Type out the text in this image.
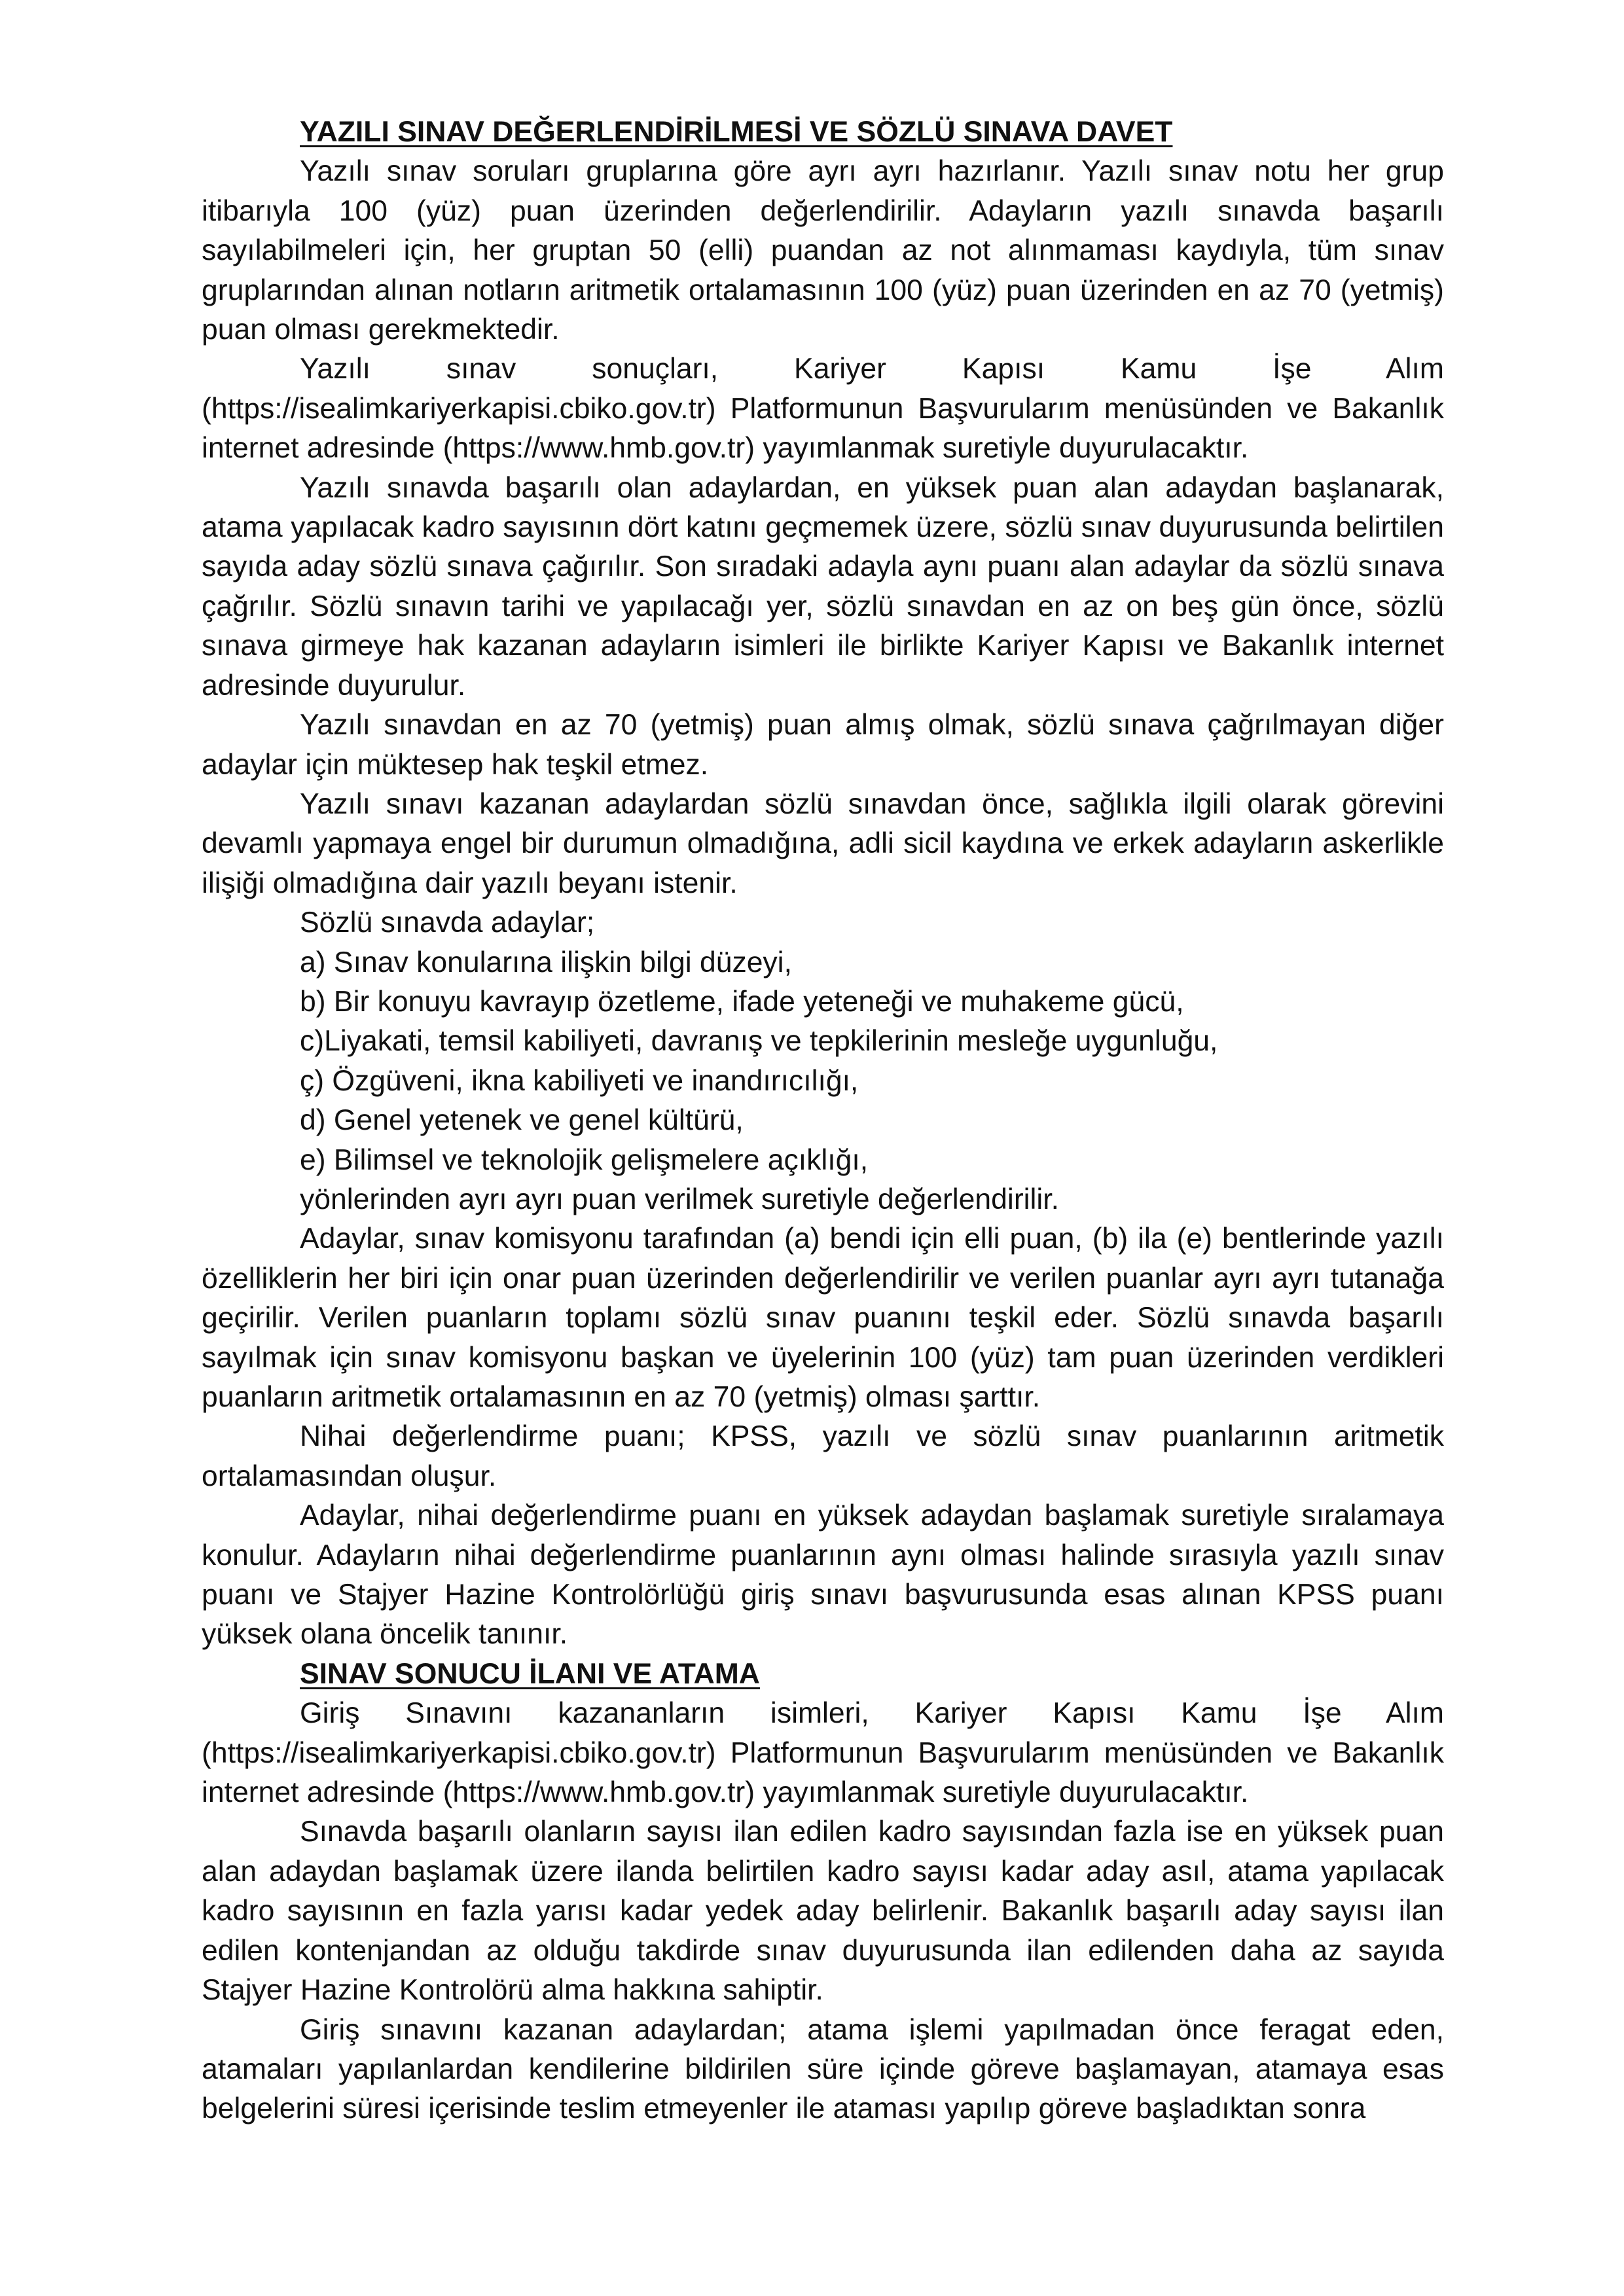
YAZILI SINAV DEĞERLENDİRİLMESİ VE SÖZLÜ SINAVA DAVET

Yazılı sınav soruları gruplarına göre ayrı ayrı hazırlanır. Yazılı sınav notu her grup itibarıyla 100 (yüz) puan üzerinden değerlendirilir. Adayların yazılı sınavda başarılı sayılabilmeleri için, her gruptan 50 (elli) puandan az not alınmaması kaydıyla, tüm sınav gruplarından alınan notların aritmetik ortalamasının 100 (yüz) puan üzerinden en az 70 (yetmiş) puan olması gerekmektedir.

Yazılı sınav sonuçları, Kariyer Kapısı Kamu İşe Alım (https://isealimkariyerkapisi.cbiko.gov.tr) Platformunun Başvurularım menüsünden ve Bakanlık internet adresinde (https://www.hmb.gov.tr) yayımlanmak suretiyle duyurulacaktır.

Yazılı sınavda başarılı olan adaylardan, en yüksek puan alan adaydan başlanarak, atama yapılacak kadro sayısının dört katını geçmemek üzere, sözlü sınav duyurusunda belirtilen sayıda aday sözlü sınava çağırılır. Son sıradaki adayla aynı puanı alan adaylar da sözlü sınava çağrılır. Sözlü sınavın tarihi ve yapılacağı yer, sözlü sınavdan en az on beş gün önce, sözlü sınava girmeye hak kazanan adayların isimleri ile birlikte Kariyer Kapısı ve Bakanlık internet adresinde duyurulur.

Yazılı sınavdan en az 70 (yetmiş) puan almış olmak, sözlü sınava çağrılmayan diğer adaylar için müktesep hak teşkil etmez.

Yazılı sınavı kazanan adaylardan sözlü sınavdan önce, sağlıkla ilgili olarak görevini devamlı yapmaya engel bir durumun olmadığına, adli sicil kaydına ve erkek adayların askerlikle ilişiği olmadığına dair yazılı beyanı istenir.

Sözlü sınavda adaylar;

a) Sınav konularına ilişkin bilgi düzeyi,

b) Bir konuyu kavrayıp özetleme, ifade yeteneği ve muhakeme gücü,

c)Liyakati, temsil kabiliyeti, davranış ve tepkilerinin mesleğe uygunluğu,

ç) Özgüveni, ikna kabiliyeti ve inandırıcılığı,

d) Genel yetenek ve genel kültürü,

e) Bilimsel ve teknolojik gelişmelere açıklığı,

yönlerinden ayrı ayrı puan verilmek suretiyle değerlendirilir.

Adaylar, sınav komisyonu tarafından (a) bendi için elli puan, (b) ila (e) bentlerinde yazılı özelliklerin her biri için onar puan üzerinden değerlendirilir ve verilen puanlar ayrı ayrı tutanağa geçirilir. Verilen puanların toplamı sözlü sınav puanını teşkil eder. Sözlü sınavda başarılı sayılmak için sınav komisyonu başkan ve üyelerinin 100 (yüz) tam puan üzerinden verdikleri puanların aritmetik ortalamasının en az 70 (yetmiş) olması şarttır.

Nihai değerlendirme puanı; KPSS, yazılı ve sözlü sınav puanlarının aritmetik ortalamasından oluşur.

Adaylar, nihai değerlendirme puanı en yüksek adaydan başlamak suretiyle sıralamaya konulur. Adayların nihai değerlendirme puanlarının aynı olması halinde sırasıyla yazılı sınav puanı ve Stajyer Hazine Kontrolörlüğü giriş sınavı başvurusunda esas alınan KPSS puanı yüksek olana öncelik tanınır.

SINAV SONUCU İLANI VE ATAMA

Giriş Sınavını kazananların isimleri, Kariyer Kapısı Kamu İşe Alım (https://isealimkariyerkapisi.cbiko.gov.tr) Platformunun Başvurularım menüsünden ve Bakanlık internet adresinde (https://www.hmb.gov.tr) yayımlanmak suretiyle duyurulacaktır.

Sınavda başarılı olanların sayısı ilan edilen kadro sayısından fazla ise en yüksek puan alan adaydan başlamak üzere ilanda belirtilen kadro sayısı kadar aday asıl, atama yapılacak kadro sayısının en fazla yarısı kadar yedek aday belirlenir. Bakanlık başarılı aday sayısı ilan edilen kontenjandan az olduğu takdirde sınav duyurusunda ilan edilenden daha az sayıda Stajyer Hazine Kontrolörü alma hakkına sahiptir.

Giriş sınavını kazanan adaylardan; atama işlemi yapılmadan önce feragat eden, atamaları yapılanlardan kendilerine bildirilen süre içinde göreve başlamayan, atamaya esas belgelerini süresi içerisinde teslim etmeyenler ile ataması yapılıp göreve başladıktan sonra
